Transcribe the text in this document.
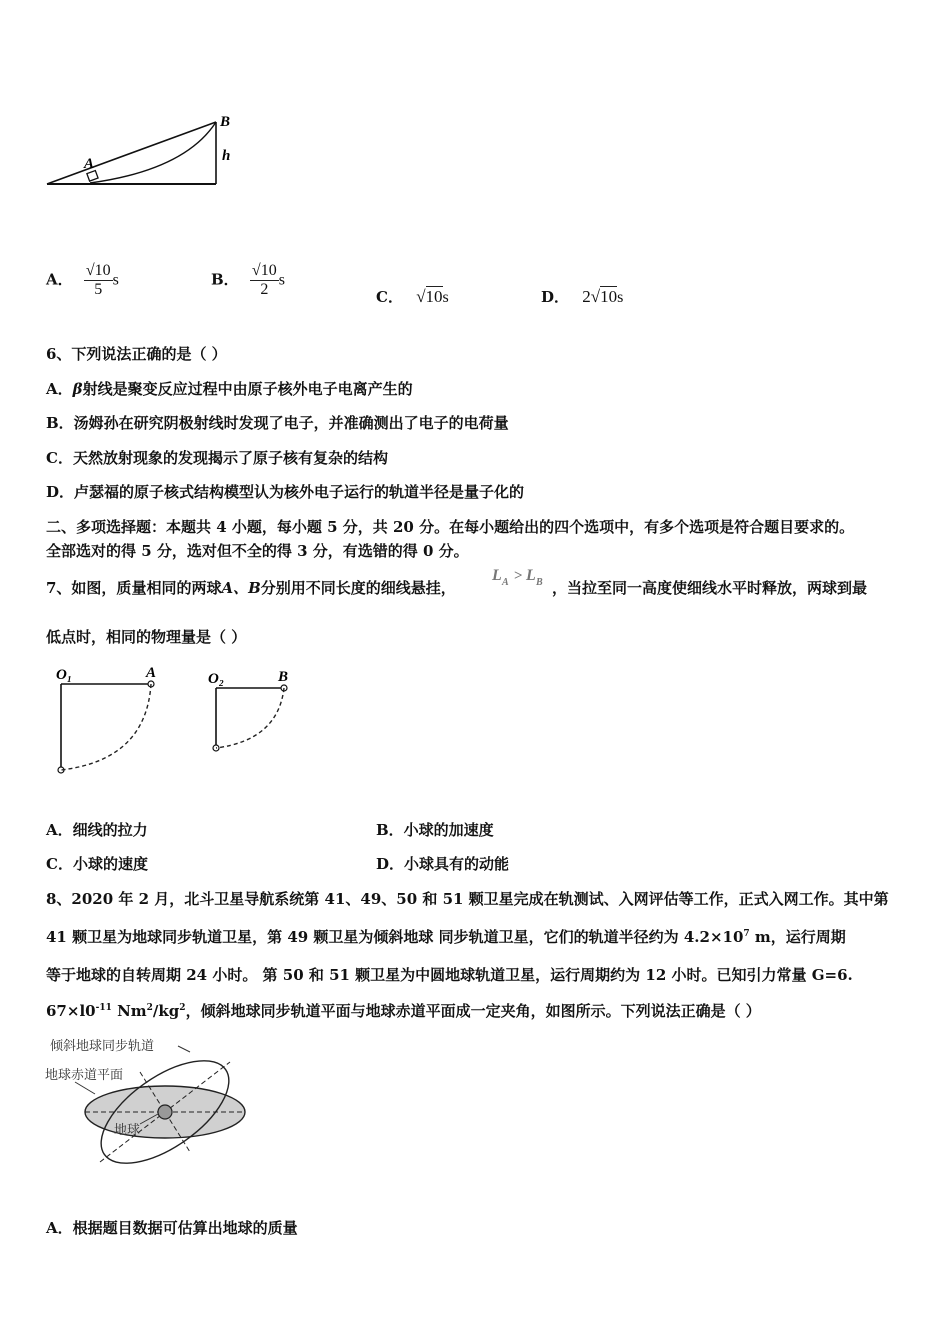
A
B
h
A． $\frac{√10}{5}$ s	B． $\frac{√10}{2}$ s
C． √10s	D． 2√10s
6、下列说法正确的是（ ）
A．β射线是聚变反应过程中由原子核外电子电离产生的
B．汤姆孙在研究阴极射线时发现了电子，并准确测出了电子的电荷量
C．天然放射现象的发现揭示了原子核有复杂的结构
D．卢瑟福的原子核式结构模型认为核外电子运行的轨道半径是量子化的
二、多项选择题：本题共 4 小题，每小题 5 分，共 20 分。在每小题给出的四个选项中，有多个选项是符合题目要求的。
全部选对的得 5 分，选对但不全的得 3 分，有选错的得 0 分。
7、如图，质量相同的两球A、B分别用不同长度的细线悬挂，
L A > L B ，当拉至同一高度使细线水平时释放，两球到最
低点时，相同的物理量是（ ）
O₁	A	O₂	B
A．细线的拉力	B．小球的加速度
C．小球的速度	D．小球具有的动能
8、2020 年 2 月，北斗卫星导航系统第 41、49、50 和 51 颗卫星完成在轨测试、入网评估等工作，正式入网工作。其中第
41 颗卫星为地球同步轨道卫星，第 49 颗卫星为倾斜地球 同步轨道卫星，它们的轨道半径约为 $4.2\times 10^7$ m，运行周期
等于地球的自转周期 24 小时。 第 50 和 51 颗卫星为中圆地球轨道卫星，运行周期约为 12 小时。已知引力常量 G=6.
$67\times l0^{-11}$ $Nm^2/kg^2$，倾斜地球同步轨道平面与地球赤道平面成一定夹角，如图所示。下列说法正确是（ ）
倾斜地球同步轨道
地球赤道平面
地球
A．根据题目数据可估算出地球的质量
